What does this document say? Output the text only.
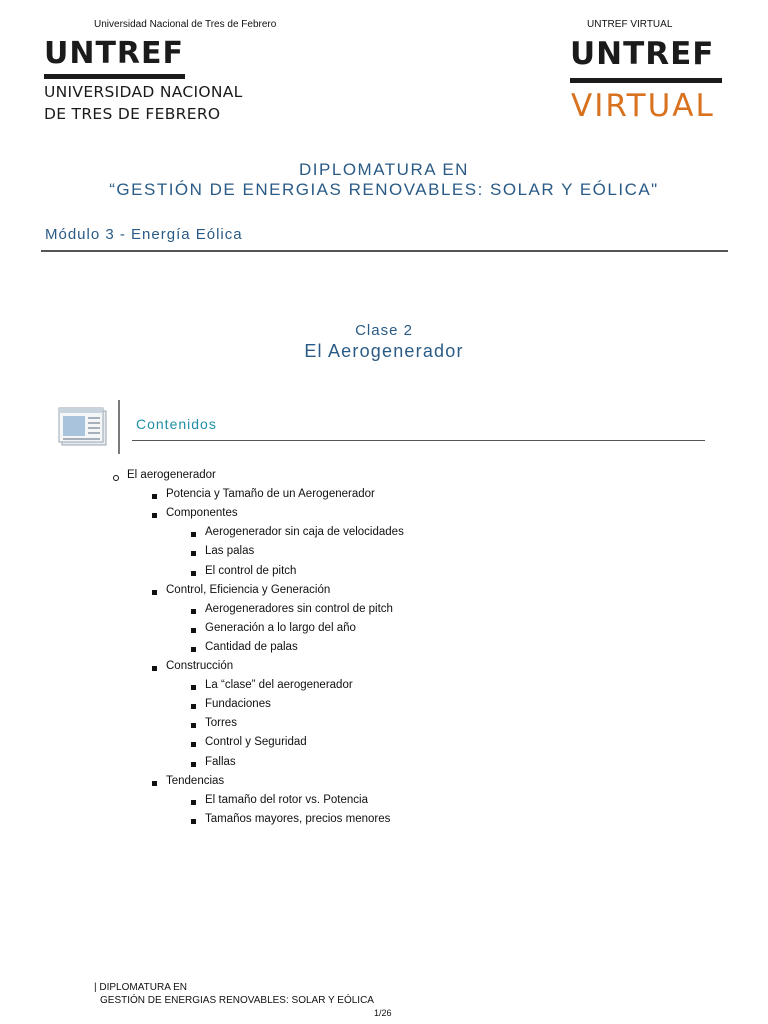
Universidad Nacional de Tres de Febrero	UNTREF VIRTUAL
UNTREF
UNIVERSIDAD NACIONAL
DE TRES DE FEBRERO
UNTREF
VIRTUAL
DIPLOMATURA EN
“GESTIÓN DE ENERGIAS RENOVABLES: SOLAR Y EÓLICA"
Módulo 3 - Energía Eólica
Clase 2
El Aerogenerador
Contenidos
El aerogenerador
Potencia y Tamaño de un Aerogenerador
Componentes
Aerogenerador sin caja de velocidades
Las palas
El control de pitch
Control, Eficiencia y Generación
Aerogeneradores sin control de pitch
Generación a lo largo del año
Cantidad de palas
Construcción
La “clase” del aerogenerador
Fundaciones
Torres
Control y Seguridad
Fallas
Tendencias
El tamaño del rotor vs. Potencia
Tamaños mayores, precios menores
| DIPLOMATURA EN
GESTIÓN DE ENERGIAS RENOVABLES: SOLAR Y EÓLICA
1/26
